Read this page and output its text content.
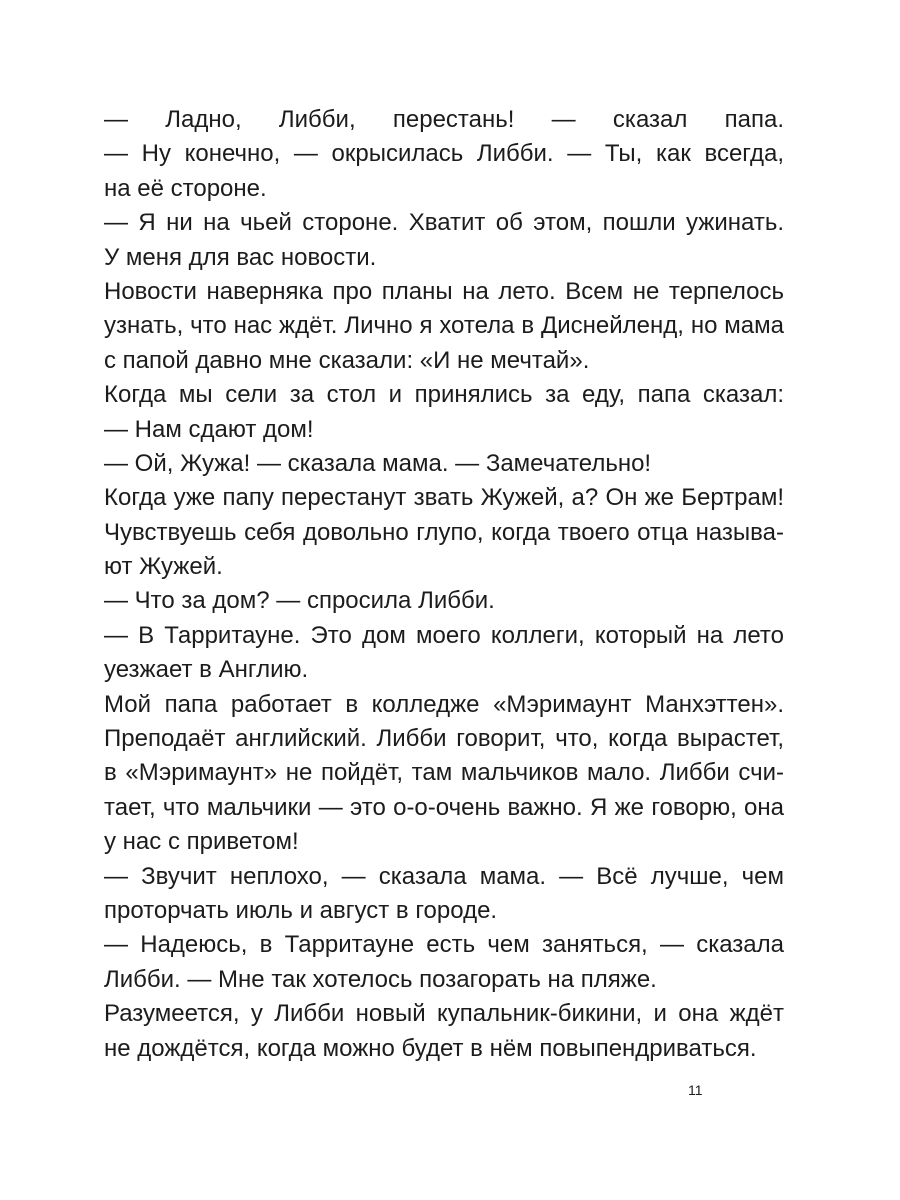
— Ладно, Либби, перестань! — сказал папа.
— Ну конечно, — окрысилась Либби. — Ты, как всегда,
на её стороне.
— Я ни на чьей стороне. Хватит об этом, пошли ужинать.
У меня для вас новости.
Новости наверняка про планы на лето. Всем не терпелось
узнать, что нас ждёт. Лично я хотела в Диснейленд, но мама
с папой давно мне сказали: «И не мечтай».
Когда мы сели за стол и принялись за еду, папа сказал:
— Нам сдают дом!
— Ой, Жужа! — сказала мама. — Замечательно!
Когда уже папу перестанут звать Жужей, а? Он же Бертрам!
Чувствуешь себя довольно глупо, когда твоего отца называ-
ют Жужей.
— Что за дом? — спросила Либби.
— В Тарритауне. Это дом моего коллеги, который на лето
уезжает в Англию.
Мой папа работает в колледже «Мэримаунт Манхэттен».
Преподаёт английский. Либби говорит, что, когда вырастет,
в «Мэримаунт» не пойдёт, там мальчиков мало. Либби счи-
тает, что мальчики — это о-о-очень важно. Я же говорю, она
у нас с приветом!
— Звучит неплохо, — сказала мама. — Всё лучше, чем
проторчать июль и август в городе.
— Надеюсь, в Тарритауне есть чем заняться, — сказала
Либби. — Мне так хотелось позагорать на пляже.
Разумеется, у Либби новый купальник-бикини, и она ждёт
не дождётся, когда можно будет в нём повыпендриваться.
11
